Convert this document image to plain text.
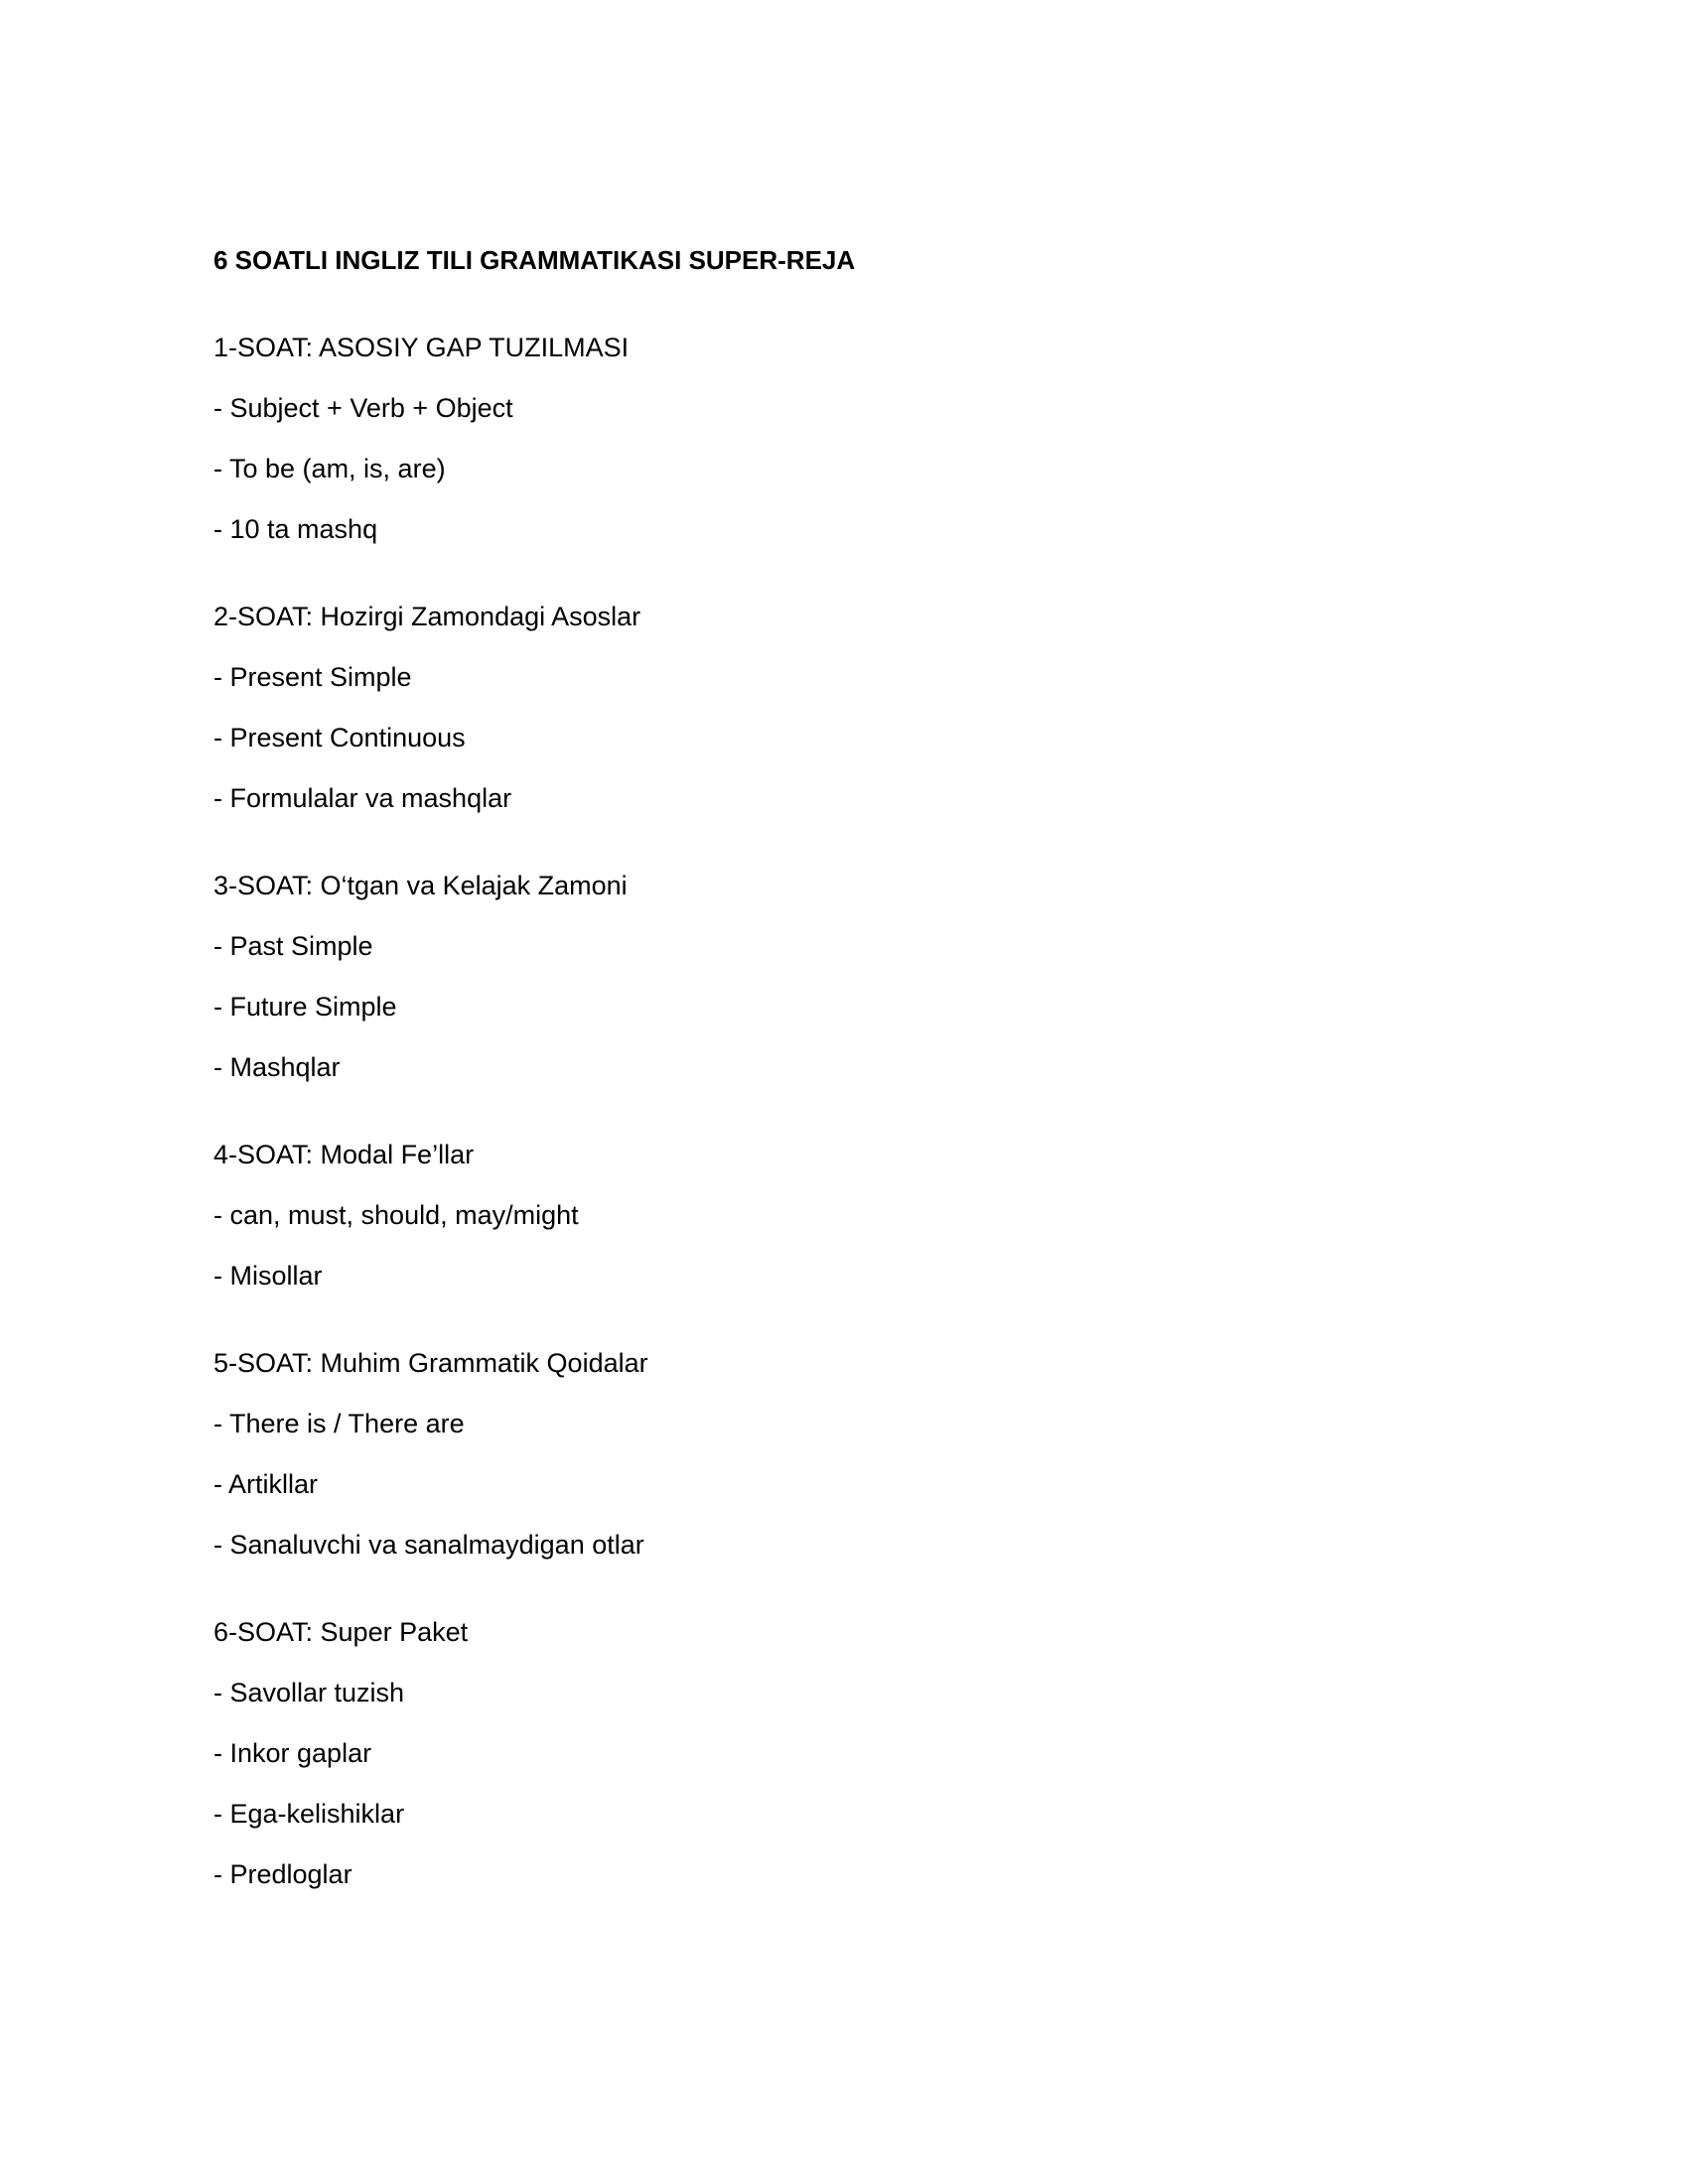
6 SOATLI INGLIZ TILI GRAMMATIKASI SUPER-REJA
1-SOAT: ASOSIY GAP TUZILMASI
- Subject + Verb + Object
- To be (am, is, are)
- 10 ta mashq
2-SOAT: Hozirgi Zamondagi Asoslar
- Present Simple
- Present Continuous
- Formulalar va mashqlar
3-SOAT: O‘tgan va Kelajak Zamoni
- Past Simple
- Future Simple
- Mashqlar
4-SOAT: Modal Fe’llar
- can, must, should, may/might
- Misollar
5-SOAT: Muhim Grammatik Qoidalar
- There is / There are
- Artikllar
- Sanaluvchi va sanalmaydigan otlar
6-SOAT: Super Paket
- Savollar tuzish
- Inkor gaplar
- Ega-kelishiklar
- Predloglar
